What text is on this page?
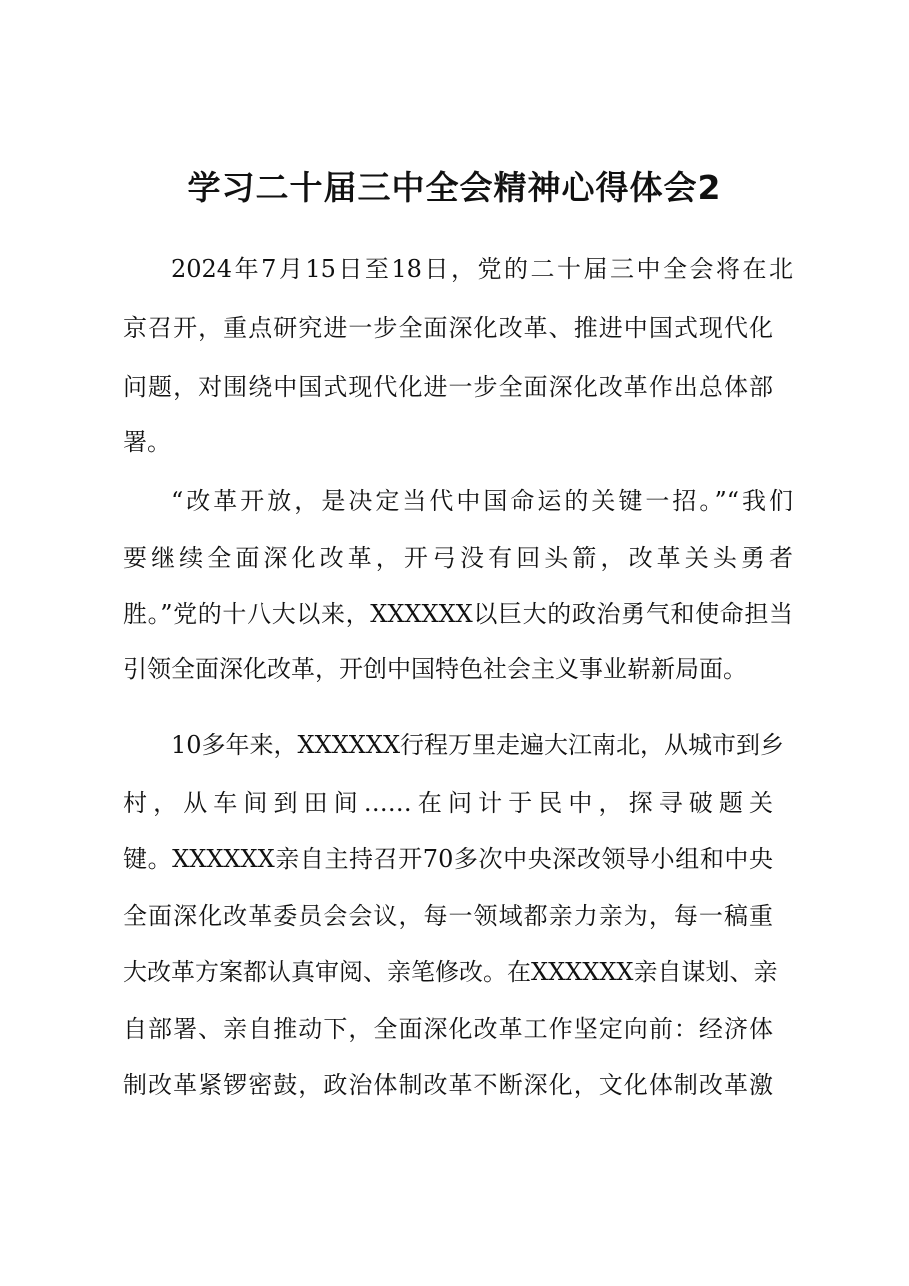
学习二十届三中全会精神心得体会2
2024年7月15日至18日，党的二十届三中全会将在北
京召开，重点研究进一步全面深化改革、推进中国式现代化
问题，对围绕中国式现代化进一步全面深化改革作出总体部
署。
“改革开放，是决定当代中国命运的关键一招。”“我们
要继续全面深化改革，开弓没有回头箭，改革关头勇者
胜。”党的十八大以来，XXXXXX以巨大的政治勇气和使命担当
引领全面深化改革，开创中国特色社会主义事业崭新局面。
10多年来，XXXXXX行程万里走遍大江南北，从城市到乡
村，从车间到田间……在问计于民中，探寻破题关
键。XXXXXX亲自主持召开70多次中央深改领导小组和中央
全面深化改革委员会会议，每一领域都亲力亲为，每一稿重
大改革方案都认真审阅、亲笔修改。在XXXXXX亲自谋划、亲
自部署、亲自推动下，全面深化改革工作坚定向前：经济体
制改革紧锣密鼓，政治体制改革不断深化，文化体制改革激
